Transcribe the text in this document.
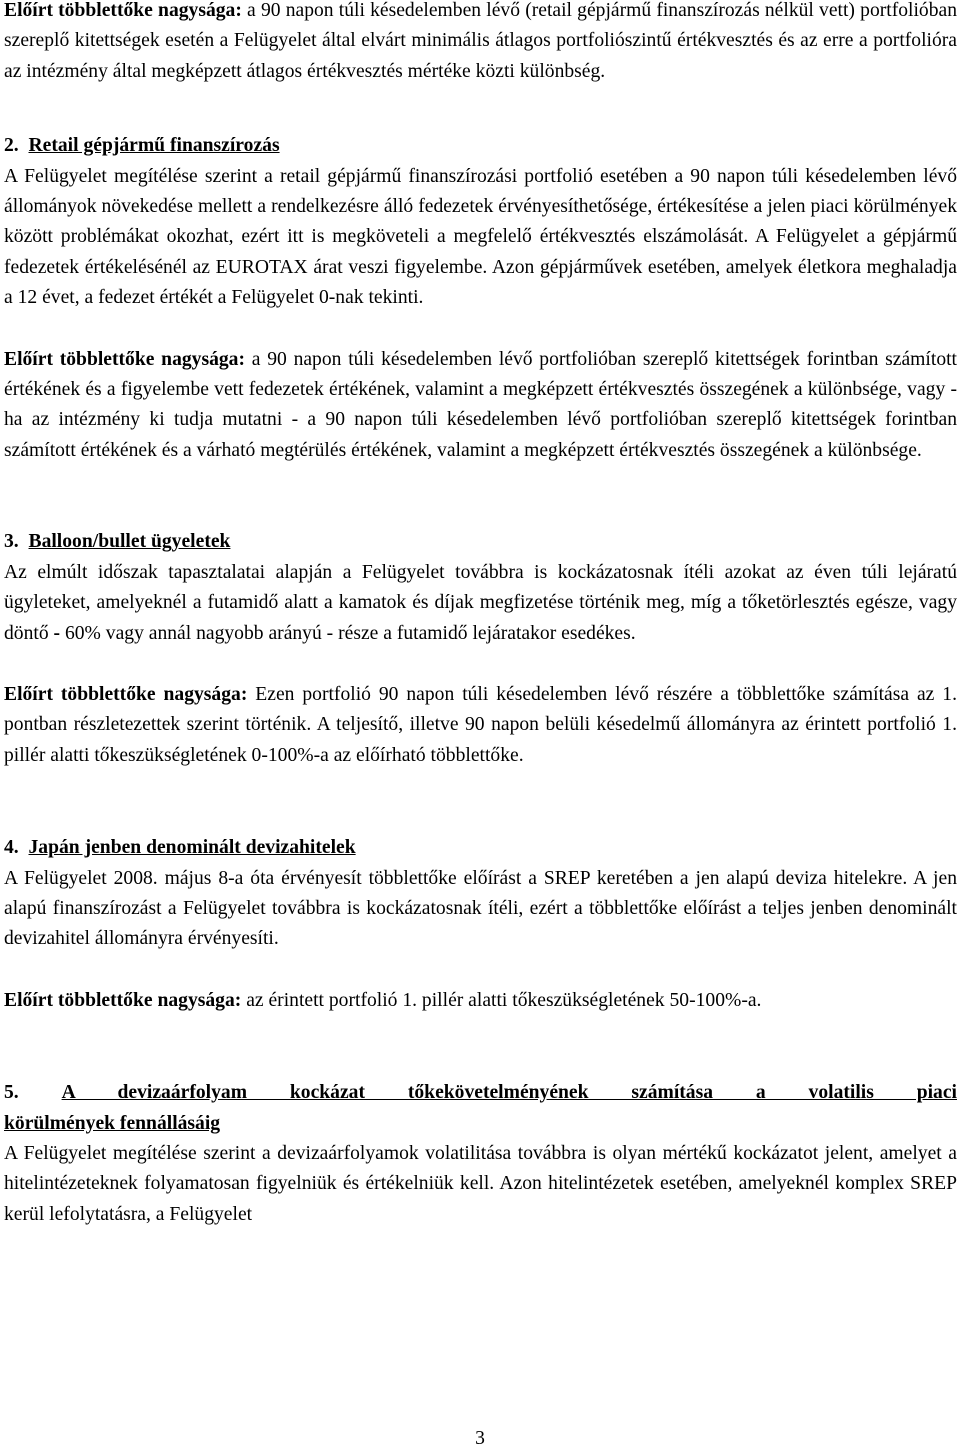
Előírt többlettőke nagysága: a 90 napon túli késedelemben lévő (retail gépjármű finanszírozás nélkül vett) portfolióban szereplő kitettségek esetén a Felügyelet által elvárt minimális átlagos portfoliószintű értékvesztés és az erre a portfolióra az intézmény által megképzett átlagos értékvesztés mértéke közti különbség.

2. Retail gépjármű finanszírozás

A Felügyelet megítélése szerint a retail gépjármű finanszírozási portfolió esetében a 90 napon túli késedelemben lévő állományok növekedése mellett a rendelkezésre álló fedezetek érvényesíthetősége, értékesítése a jelen piaci körülmények között problémákat okozhat, ezért itt is megköveteli a megfelelő értékvesztés elszámolását. A Felügyelet a gépjármű fedezetek értékelésénél az EUROTAX árat veszi figyelembe. Azon gépjárművek esetében, amelyek életkora meghaladja a 12 évet, a fedezet értékét a Felügyelet 0-nak tekinti.

Előírt többlettőke nagysága: a 90 napon túli késedelemben lévő portfolióban szereplő kitettségek forintban számított értékének és a figyelembe vett fedezetek értékének, valamint a megképzett értékvesztés összegének a különbsége, vagy - ha az intézmény ki tudja mutatni - a 90 napon túli késedelemben lévő portfolióban szereplő kitettségek forintban számított értékének és a várható megtérülés értékének, valamint a megképzett értékvesztés összegének a különbsége.

3. Balloon/bullet ügyeletek

Az elmúlt időszak tapasztalatai alapján a Felügyelet továbbra is kockázatosnak ítéli azokat az éven túli lejáratú ügyleteket, amelyeknél a futamidő alatt a kamatok és díjak megfizetése történik meg, míg a tőketörlesztés egésze, vagy döntő - 60% vagy annál nagyobb arányú - része a futamidő lejáratakor esedékes.

Előírt többlettőke nagysága: Ezen portfolió 90 napon túli késedelemben lévő részére a többlettőke számítása az 1. pontban részletezettek szerint történik. A teljesítő, illetve 90 napon belüli késedelmű állományra az érintett portfolió 1. pillér alatti tőkeszükségletének 0-100%-a az előírható többlettőke.

4. Japán jenben denominált devizahitelek

A Felügyelet 2008. május 8-a óta érvényesít többlettőke előírást a SREP keretében a jen alapú deviza hitelekre. A jen alapú finanszírozást a Felügyelet továbbra is kockázatosnak ítéli, ezért a többlettőke előírást a teljes jenben denominált devizahitel állományra érvényesíti.

Előírt többlettőke nagysága: az érintett portfolió 1. pillér alatti tőkeszükségletének 50-100%-a.

5. A devizaárfolyam kockázat tőkekövetelményének számítása a volatilis piaci

körülmények fennállásáig

A Felügyelet megítélése szerint a devizaárfolyamok volatilitása továbbra is olyan mértékű kockázatot jelent, amelyet a hitelintézeteknek folyamatosan figyelniük és értékelniük kell. Azon hitelintézetek esetében, amelyeknél komplex SREP kerül lefolytatásra, a Felügyelet

3
